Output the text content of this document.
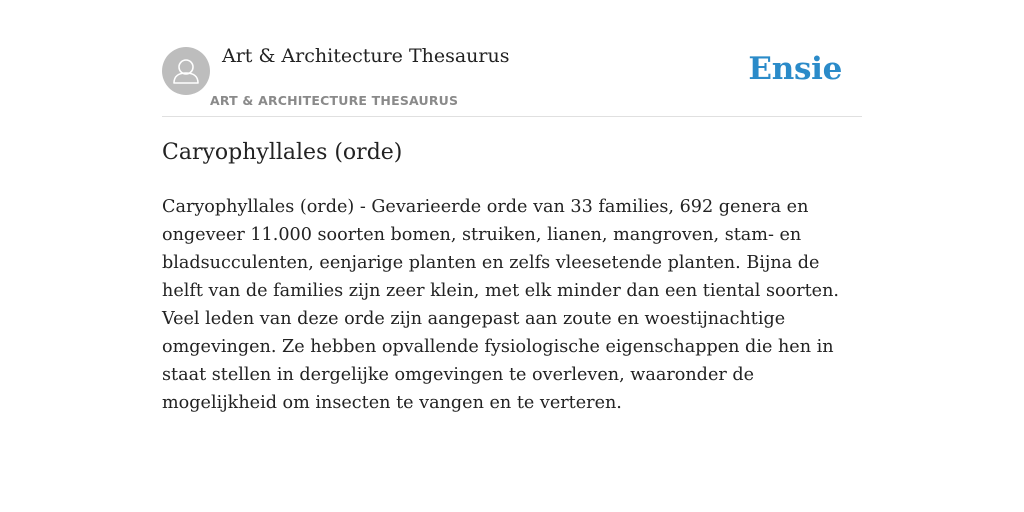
Art & Architecture Thesaurus
ART & ARCHITECTURE THESAURUS
Ensie
Caryophyllales (orde)

Caryophyllales (orde) - Gevarieerde orde van 33 families, 692 genera en ongeveer 11.000 soorten bomen, struiken, lianen, mangroven, stam- en bladsucculenten, eenjarige planten en zelfs vleesetende planten. Bijna de helft van de families zijn zeer klein, met elk minder dan een tiental soorten. Veel leden van deze orde zijn aangepast aan zoute en woestijnachtige omgevingen. Ze hebben opvallende fysiologische eigenschappen die hen in staat stellen in dergelijke omgevingen te overleven, waaronder de mogelijkheid om insecten te vangen en te verteren.
